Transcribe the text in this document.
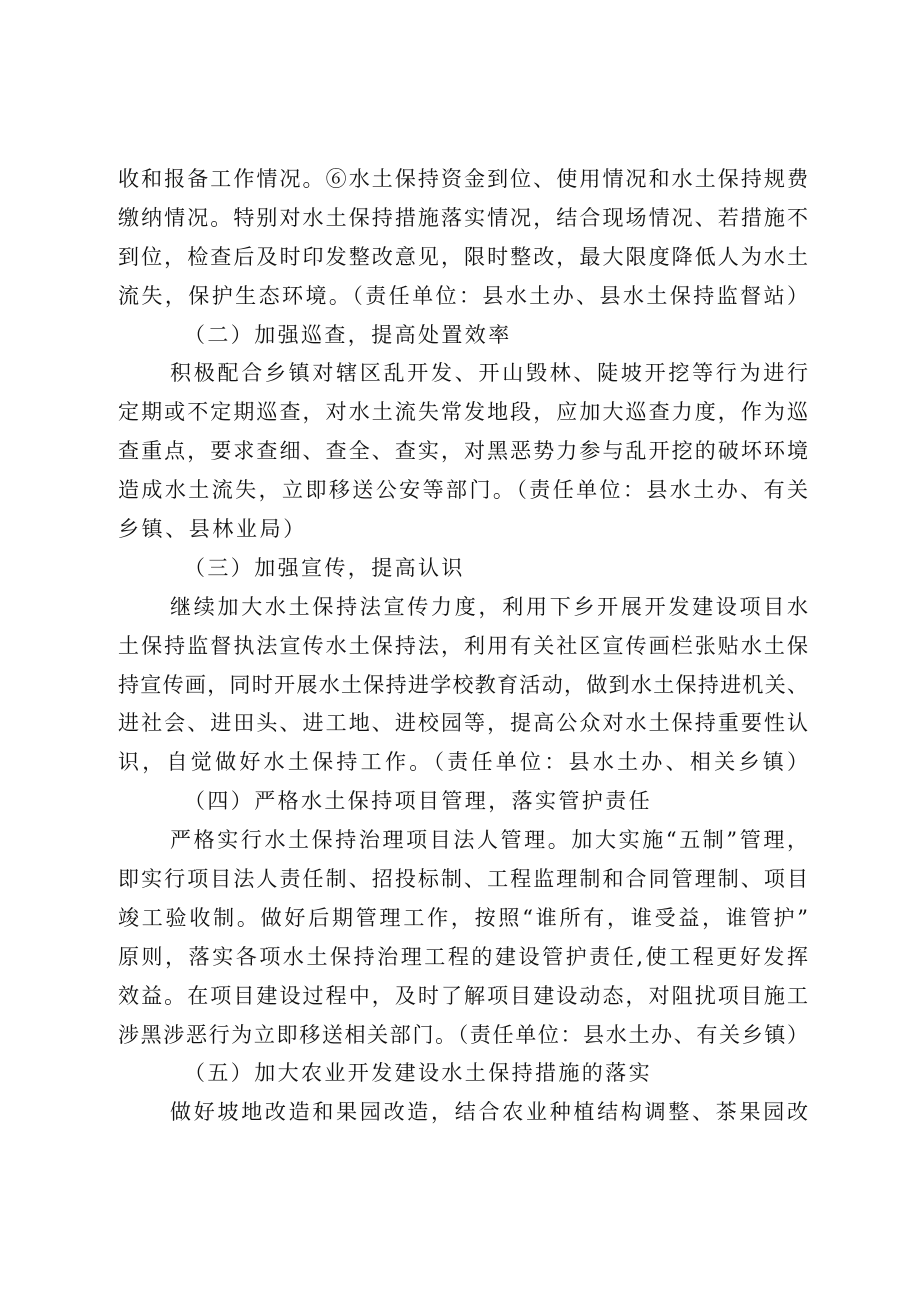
收和报备工作情况。⑥水土保持资金到位、使用情况和水土保持规费
缴纳情况。特别对水土保持措施落实情况，结合现场情况、若措施不
到位，检查后及时印发整改意见，限时整改，最大限度降低人为水土
流失，保护生态环境。（责任单位：县水土办、县水土保持监督站）
（二）加强巡查，提高处置效率
积极配合乡镇对辖区乱开发、开山毁林、陡坡开挖等行为进行
定期或不定期巡查，对水土流失常发地段，应加大巡查力度，作为巡
查重点，要求查细、查全、查实，对黑恶势力参与乱开挖的破坏环境
造成水土流失，立即移送公安等部门。（责任单位：县水土办、有关
乡镇、县林业局）
（三）加强宣传，提高认识
继续加大水土保持法宣传力度，利用下乡开展开发建设项目水
土保持监督执法宣传水土保持法，利用有关社区宣传画栏张贴水土保
持宣传画，同时开展水土保持进学校教育活动，做到水土保持进机关、
进社会、进田头、进工地、进校园等，提高公众对水土保持重要性认
识，自觉做好水土保持工作。（责任单位：县水土办、相关乡镇）
（四）严格水土保持项目管理，落实管护责任
严格实行水土保持治理项目法人管理。加大实施“五制”管理，
即实行项目法人责任制、招投标制、工程监理制和合同管理制、项目
竣工验收制。做好后期管理工作，按照“谁所有，谁受益，谁管护”
原则，落实各项水土保持治理工程的建设管护责任,使工程更好发挥
效益。在项目建设过程中，及时了解项目建设动态，对阻扰项目施工
涉黑涉恶行为立即移送相关部门。（责任单位：县水土办、有关乡镇）
（五）加大农业开发建设水土保持措施的落实
做好坡地改造和果园改造，结合农业种植结构调整、茶果园改
